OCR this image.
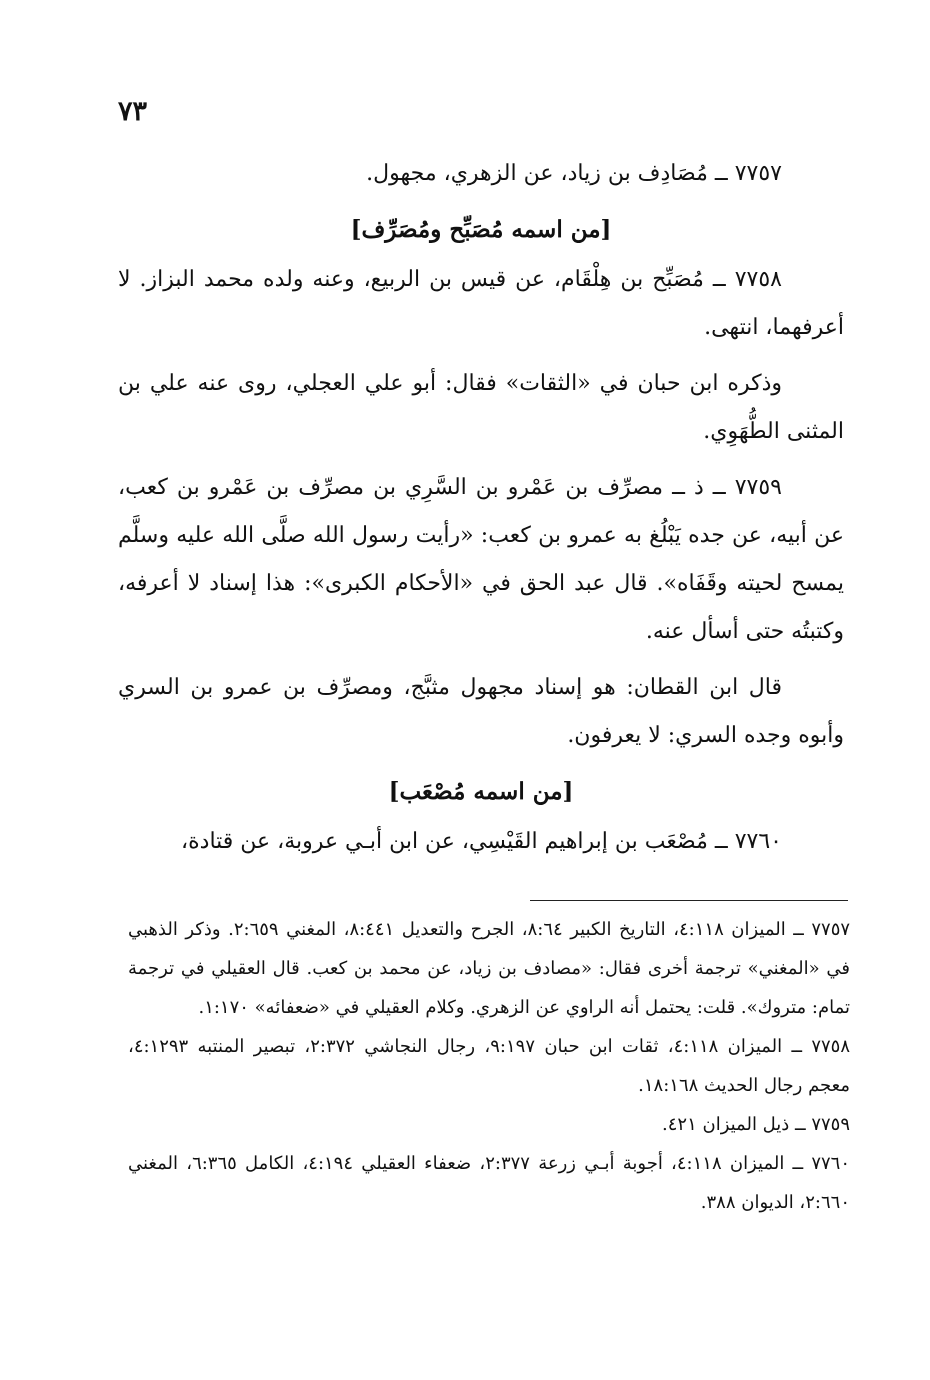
٧٣

٧٧٥٧ ــ مُصَادِف بن زياد، عن الزهري، مجهول.

[من اسمه مُصَبِّح ومُصَرِّف]

٧٧٥٨ ــ مُصَبِّح بن هِلْقَام، عن قيس بن الربيع، وعنه ولده محمد البزاز. لا أعرفهما، انتهى.

وذكره ابن حبان في «الثقات» فقال: أبو علي العجلي، روى عنه علي بن المثنى الطُّهَوِي.

٧٧٥٩ ــ ذ ــ مصرِّف بن عَمْرو بن السَّرِي بن مصرِّف بن عَمْرو بن كعب، عن أبيه، عن جده يَبْلُغ به عمرو بن كعب: «رأيت رسول الله صلَّى الله عليه وسلَّم يمسح لحيته وقَفَاه». قال عبد الحق في «الأحكام الكبرى»: هذا إسناد لا أعرفه، وكتبتُه حتى أسأل عنه.

قال ابن القطان: هو إسناد مجهول مثبَّج، ومصرِّف بن عمرو بن السري وأبوه وجده السري: لا يعرفون.

[من اسمه مُصْعَب]

٧٧٦٠ ــ مُصْعَب بن إبراهيم القَيْسِي، عن ابن أبـي عروبة، عن قتادة،

٧٧٥٧ ــ الميزان ٤:١١٨، التاريخ الكبير ٨:٦٤، الجرح والتعديل ٨:٤٤١، المغني ٢:٦٥٩. وذكر الذهبي في «المغني» ترجمة أخرى فقال: «مصادف بن زياد، عن محمد بن كعب. قال العقيلي في ترجمة تمام: متروك». قلت: يحتمل أنه الراوي عن الزهري. وكلام العقيلي في «ضعفائه» ١:١٧٠.

٧٧٥٨ ــ الميزان ٤:١١٨، ثقات ابن حبان ٩:١٩٧، رجال النجاشي ٢:٣٧٢، تبصير المنتبه ٤:١٢٩٣، معجم رجال الحديث ١٨:١٦٨.

٧٧٥٩ ــ ذيل الميزان ٤٢١.

٧٧٦٠ ــ الميزان ٤:١١٨، أجوبة أبـي زرعة ٢:٣٧٧، ضعفاء العقيلي ٤:١٩٤، الكامل ٦:٣٦٥، المغني ٢:٦٦٠، الديوان ٣٨٨.
